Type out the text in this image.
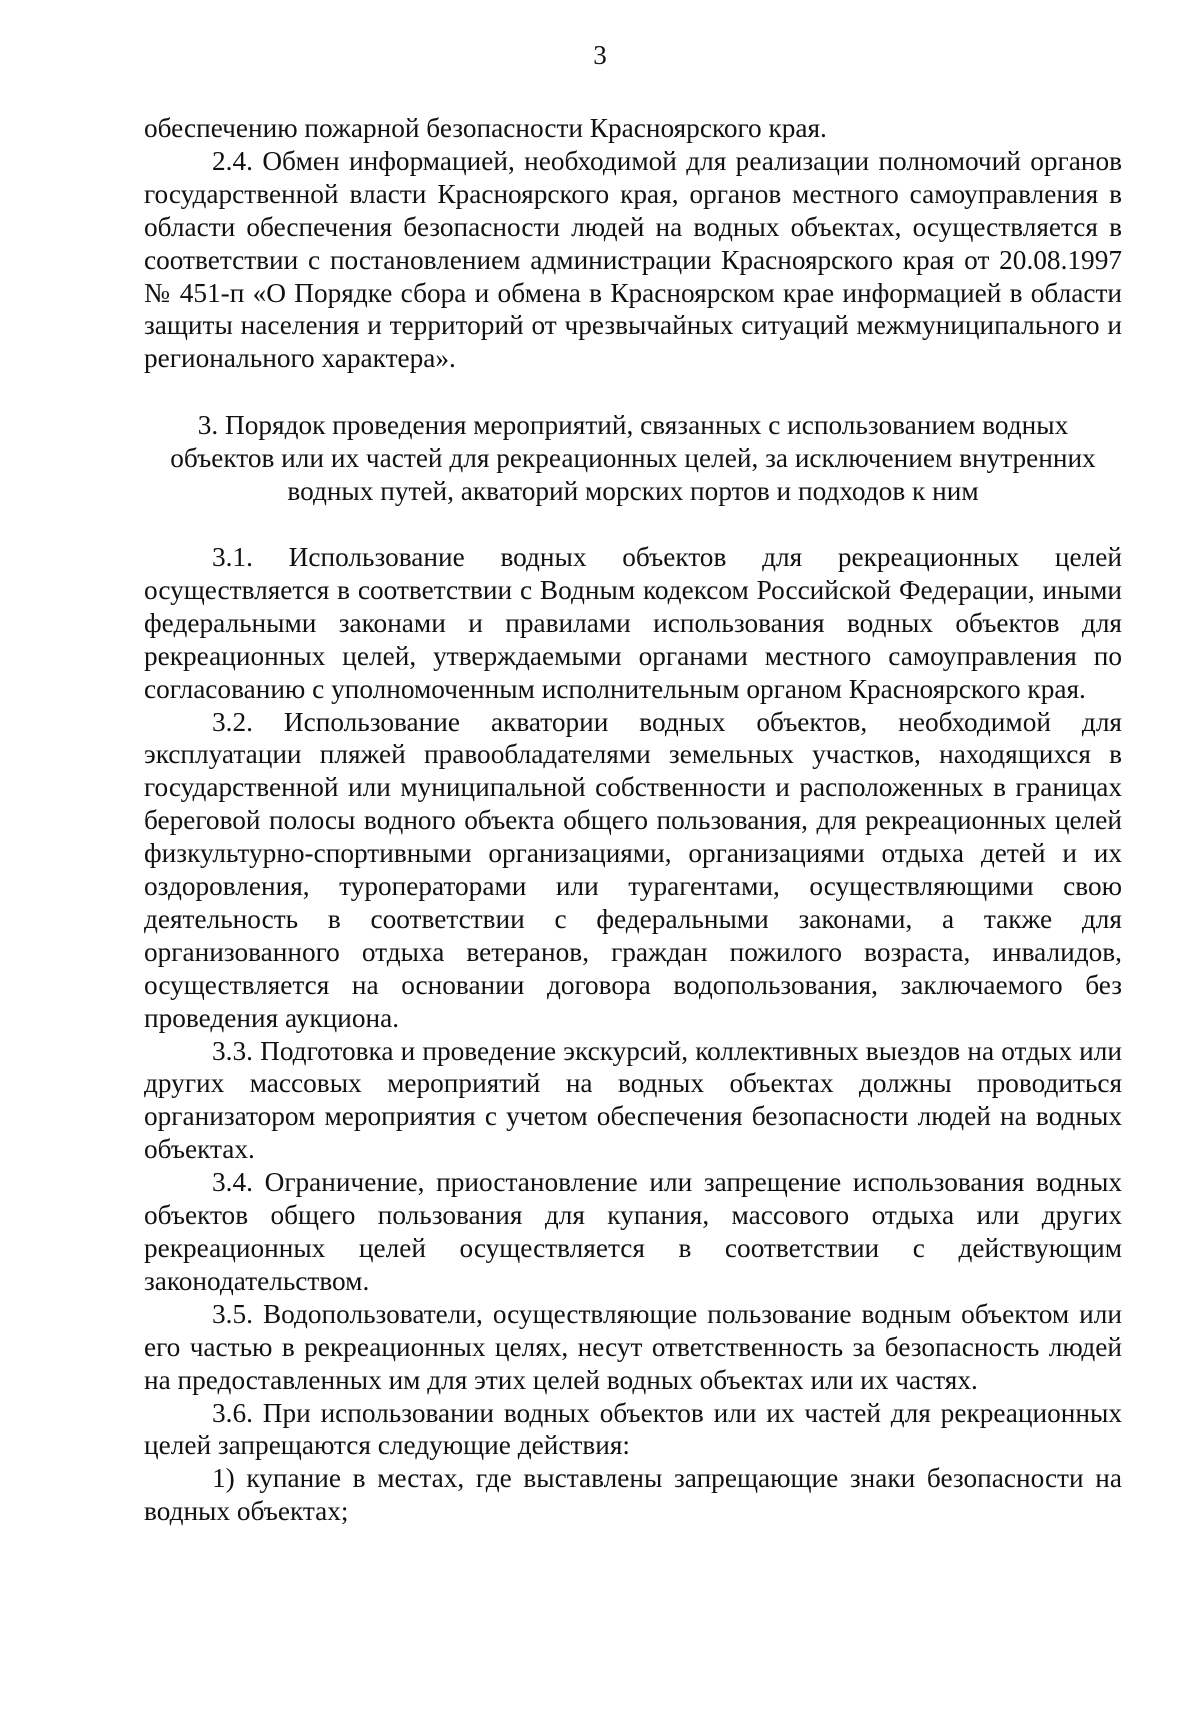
3

обеспечению пожарной безопасности Красноярского края.

2.4. Обмен информацией, необходимой для реализации полномочий органов государственной власти Красноярского края, органов местного самоуправления в области обеспечения безопасности людей на водных объектах, осуществляется в соответствии с постановлением администрации Красноярского края от 20.08.1997 № 451-п «О Порядке сбора и обмена в Красноярском крае информацией в области защиты населения и территорий от чрезвычайных ситуаций межмуниципального и регионального характера».

3. Порядок проведения мероприятий, связанных с использованием водных объектов или их частей для рекреационных целей, за исключением внутренних водных путей, акваторий морских портов и подходов к ним

3.1. Использование водных объектов для рекреационных целей осуществляется в соответствии с Водным кодексом Российской Федерации, иными федеральными законами и правилами использования водных объектов для рекреационных целей, утверждаемыми органами местного самоуправления по согласованию с уполномоченным исполнительным органом Красноярского края.

3.2. Использование акватории водных объектов, необходимой для эксплуатации пляжей правообладателями земельных участков, находящихся в государственной или муниципальной собственности и расположенных в границах береговой полосы водного объекта общего пользования, для рекреационных целей физкультурно-спортивными организациями, организациями отдыха детей и их оздоровления, туроператорами или турагентами, осуществляющими свою деятельность в соответствии с федеральными законами, а также для организованного отдыха ветеранов, граждан пожилого возраста, инвалидов, осуществляется на основании договора водопользования, заключаемого без проведения аукциона.

3.3. Подготовка и проведение экскурсий, коллективных выездов на отдых или других массовых мероприятий на водных объектах должны проводиться организатором мероприятия с учетом обеспечения безопасности людей на водных объектах.

3.4. Ограничение, приостановление или запрещение использования водных объектов общего пользования для купания, массового отдыха или других рекреационных целей осуществляется в соответствии с действующим законодательством.

3.5. Водопользователи, осуществляющие пользование водным объектом или его частью в рекреационных целях, несут ответственность за безопасность людей на предоставленных им для этих целей водных объектах или их частях.

3.6. При использовании водных объектов или их частей для рекреационных целей запрещаются следующие действия:

1) купание в местах, где выставлены запрещающие знаки безопасности на водных объектах;
